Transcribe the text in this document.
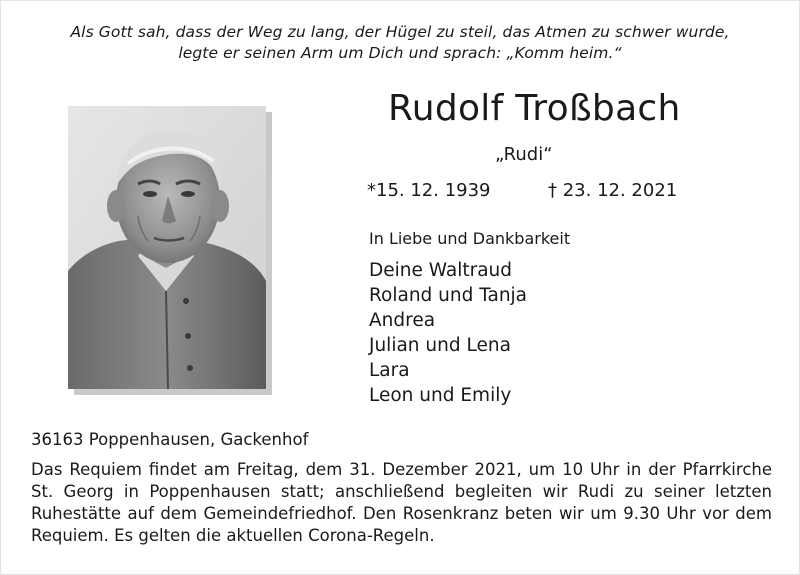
Als Gott sah, dass der Weg zu lang, der Hügel zu steil, das Atmen zu schwer wurde,
legte er seinen Arm um Dich und sprach: „Komm heim.“
Rudolf Troßbach
„Rudi“
*15. 12. 1939	† 23. 12. 2021
In Liebe und Dankbarkeit
Deine Waltraud
Roland und Tanja
Andrea
Julian und Lena
Lara
Leon und Emily
36163 Poppenhausen, Gackenhof
Das Requiem findet am Freitag, dem 31. Dezember 2021, um 10 Uhr in der Pfarrkirche
St. Georg in Poppenhausen statt; anschließend begleiten wir Rudi zu seiner letzten
Ruhestätte auf dem Gemeindefriedhof. Den Rosenkranz beten wir um 9.30 Uhr vor dem
Requiem. Es gelten die aktuellen Corona-Regeln.
